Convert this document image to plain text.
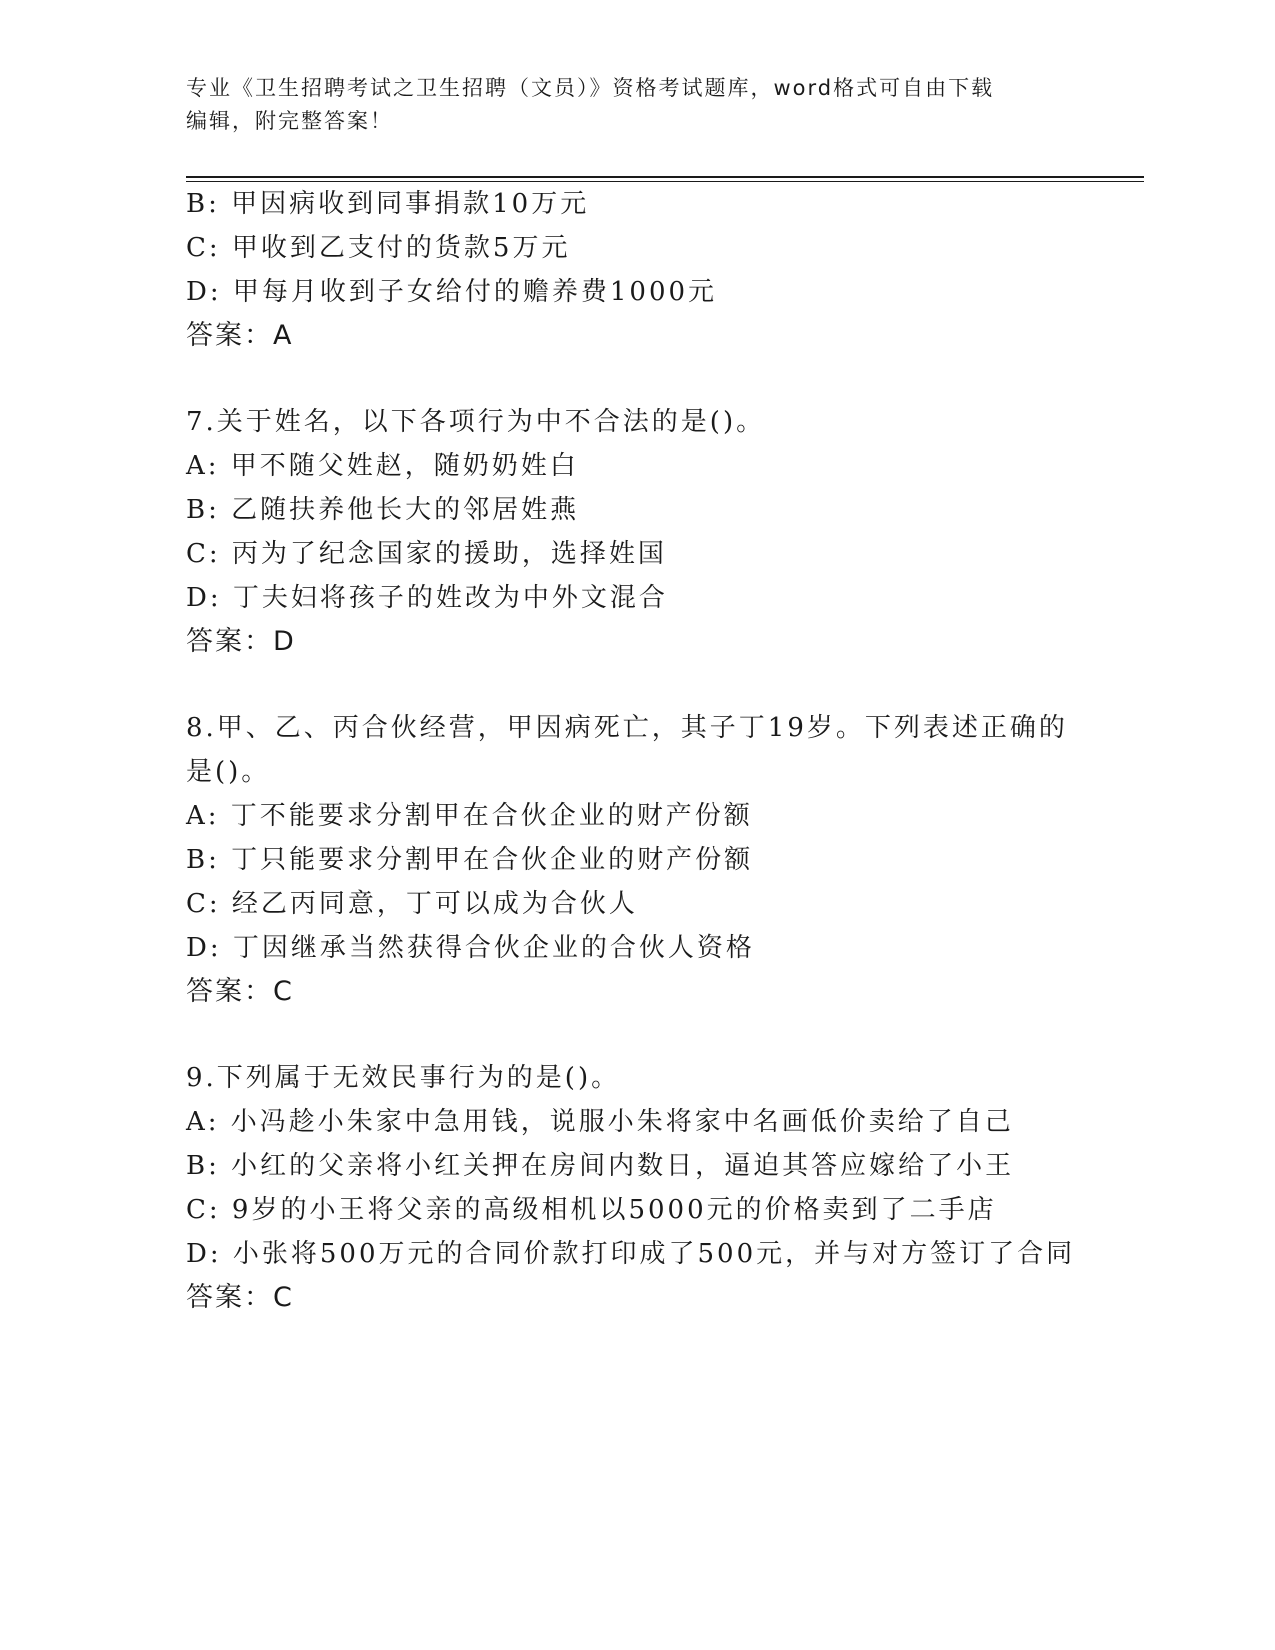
专业《卫生招聘考试之卫生招聘（文员）》资格考试题库，word格式可自由下载
编辑，附完整答案！
B: 甲因病收到同事捐款10万元
C: 甲收到乙支付的货款5万元
D: 甲每月收到子女给付的赡养费1000元
答案：A
7.关于姓名，以下各项行为中不合法的是()。
A: 甲不随父姓赵，随奶奶姓白
B: 乙随扶养他长大的邻居姓燕
C: 丙为了纪念国家的援助，选择姓国
D: 丁夫妇将孩子的姓改为中外文混合
答案：D
8.甲、乙、丙合伙经营，甲因病死亡，其子丁19岁。下列表述正确的
是()。
A: 丁不能要求分割甲在合伙企业的财产份额
B: 丁只能要求分割甲在合伙企业的财产份额
C: 经乙丙同意，丁可以成为合伙人
D: 丁因继承当然获得合伙企业的合伙人资格
答案：C
9.下列属于无效民事行为的是()。
A: 小冯趁小朱家中急用钱，说服小朱将家中名画低价卖给了自己
B: 小红的父亲将小红关押在房间内数日，逼迫其答应嫁给了小王
C: 9岁的小王将父亲的高级相机以5000元的价格卖到了二手店
D: 小张将500万元的合同价款打印成了500元，并与对方签订了合同
答案：C
